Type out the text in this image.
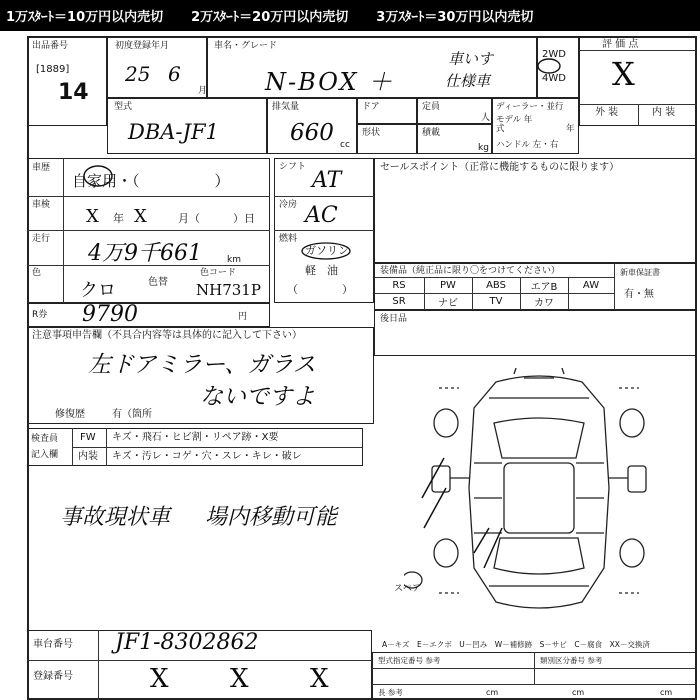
1万ｽﾀｰﾄ＝10万円以内売切 2万ｽﾀｰﾄ＝20万円以内売切 3万ｽﾀｰﾄ＝30万円以内売切
出品番号
[1889]
14
初度登録年月
25 6
月
車名・グレード
N-BOX ＋
車いす
仕様車
2WD
4WD
評 価 点
X
外 装	内 装
型式
DBA-JF1
排気量
660 cc
ドア
形状
定員
人
積載
kg
ディーラー・並行
モデル 年式	年
ハンドル 左・右
車歴
自家用・（　　　　　）
車検
X 年 X	月（　　　）日
走行
4万9千661	km
色
クロ	色替
色コード
NH731P
シフト
AT
冷房 AC
燃料
ガソリン
軽　油
（　　　　）
セールスポイント（正常に機能するものに限ります）
装備品（純正品に限り〇をつけてください）
RS	PW	ABS	エアB	AW
SR	ナビ	TV	カワ
新車保証書
有・無
R券 9790	円	後日品
注意事項申告欄（不具合内容等は具体的に記入して下さい）
左ドアミラー、ガラス
ないですよ
修復歴	有（箇所
検査員
記入欄
FW キズ・飛石・ヒビ割・リペア跡・X要
内装 キズ・汚レ・コゲ・穴・スレ・キレ・破レ
事故現状車 場内移動可能
スペア
車台番号 JF1-8302862
登録番号	X X X
A－キズ　E－エクボ　U－凹み　W－補修跡　S－サビ　C－腐食　XX－交換済
型式指定番号 参考	類別区分番号 参考
長 参考	cm	cm	cm
